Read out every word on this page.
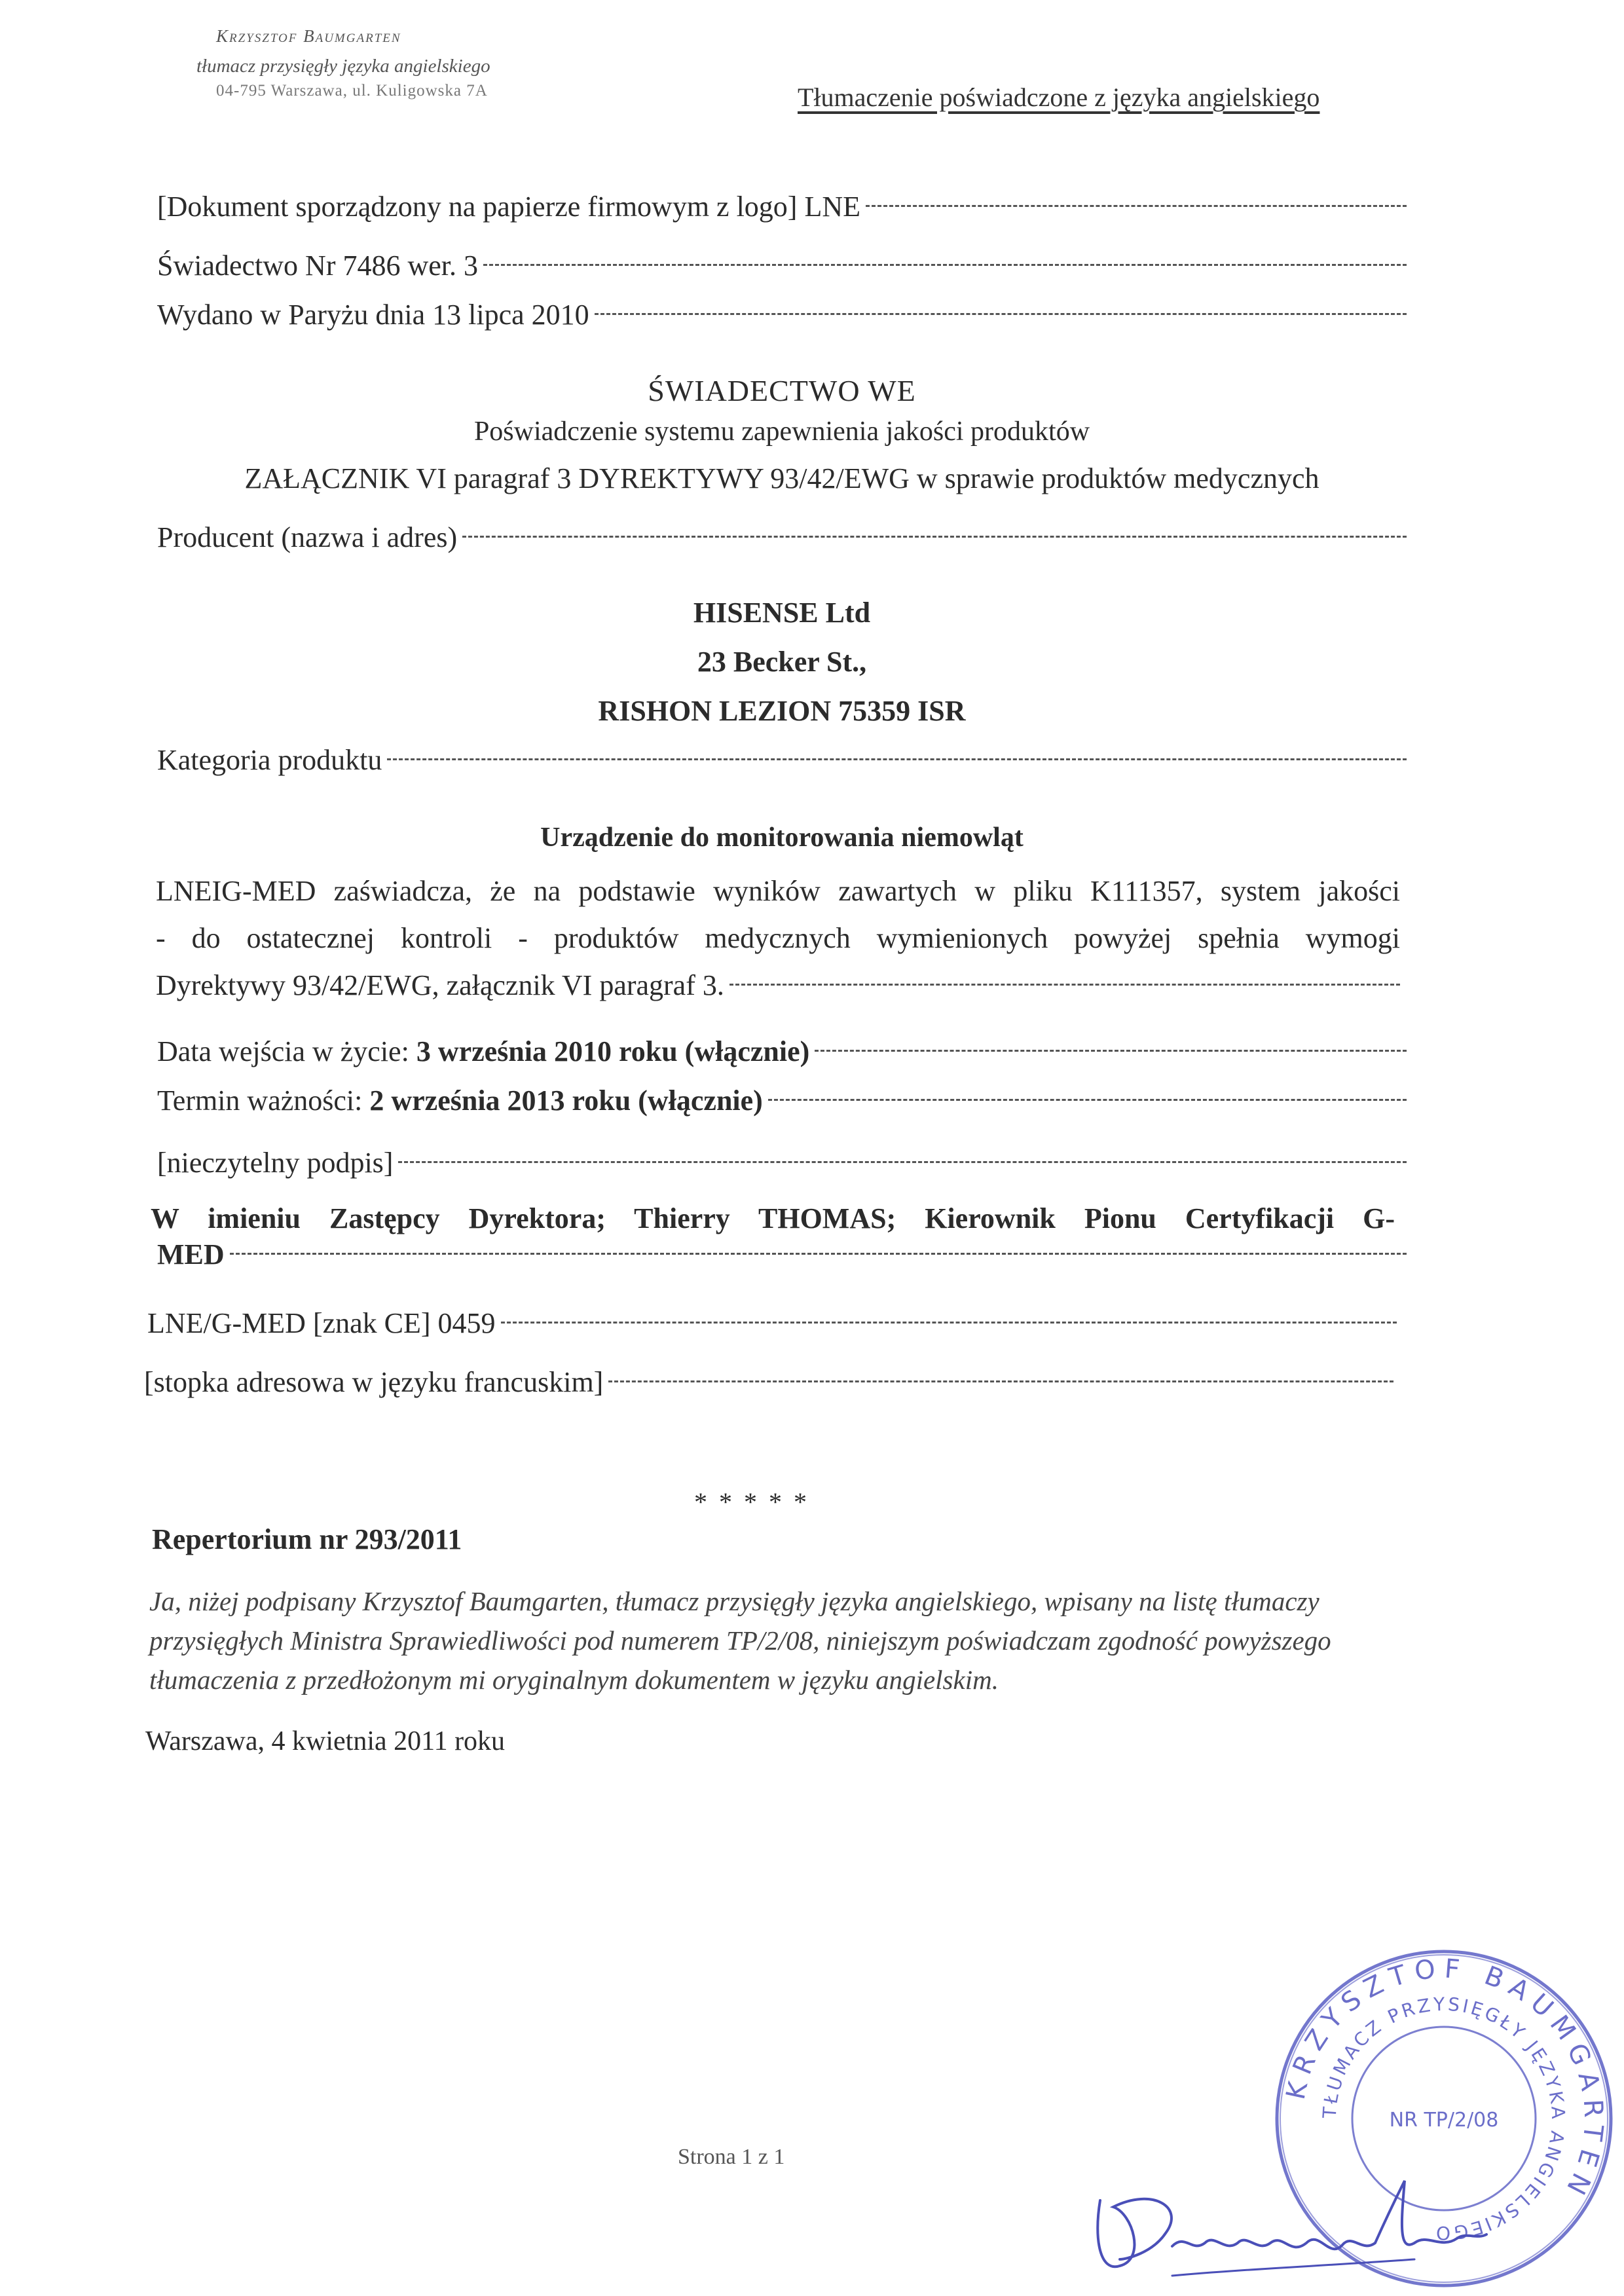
Krzysztof Baumgarten
tłumacz przysięgły języka angielskiego
04-795 Warszawa, ul. Kuligowska 7A	Tłumaczenie poświadczone z języka angielskiego
[Dokument sporządzony na papierze firmowym z logo] LNE
Świadectwo Nr 7486 wer. 3
Wydano w Paryżu dnia 13 lipca 2010
ŚWIADECTWO WE
Poświadczenie systemu zapewnienia jakości produktów
ZAŁĄCZNIK VI paragraf 3 DYREKTYWY 93/42/EWG w sprawie produktów medycznych
Producent (nazwa i adres)
HISENSE Ltd
23 Becker St.,
RISHON LEZION 75359 ISR
Kategoria produktu
Urządzenie do monitorowania niemowląt
LNEIG-MED zaświadcza, że na podstawie wyników zawartych w pliku K111357, system jakości
- do ostatecznej kontroli - produktów medycznych wymienionych powyżej spełnia wymogi
Dyrektywy 93/42/EWG, załącznik VI paragraf 3.
Data wejścia w życie:
3 września 2010 roku (włącznie)
Termin ważności:
2 września 2013 roku (włącznie)
[nieczytelny podpis]
W imieniu Zastępcy Dyrektora; Thierry THOMAS; Kierownik Pionu Certyfikacji G-
MED
LNE/G-MED [znak CE] 0459
[stopka adresowa w języku francuskim]
* * * * *
Repertorium nr 293/2011
Ja, niżej podpisany Krzysztof Baumgarten, tłumacz przysięgły języka angielskiego, wpisany na listę tłumaczy
przysięgłych Ministra Sprawiedliwości pod numerem TP/2/08, niniejszym poświadczam zgodność powyższego
tłumaczenia z przedłożonym mi oryginalnym dokumentem w języku angielskim.
Warszawa, 4 kwietnia 2011 roku
Strona 1 z 1
KRZYSZTOF BAUMGARTEN
TŁUMACZ PRZYSIĘGŁY JĘZYKA ANGIELSKIEGO
NR TP/2/08
